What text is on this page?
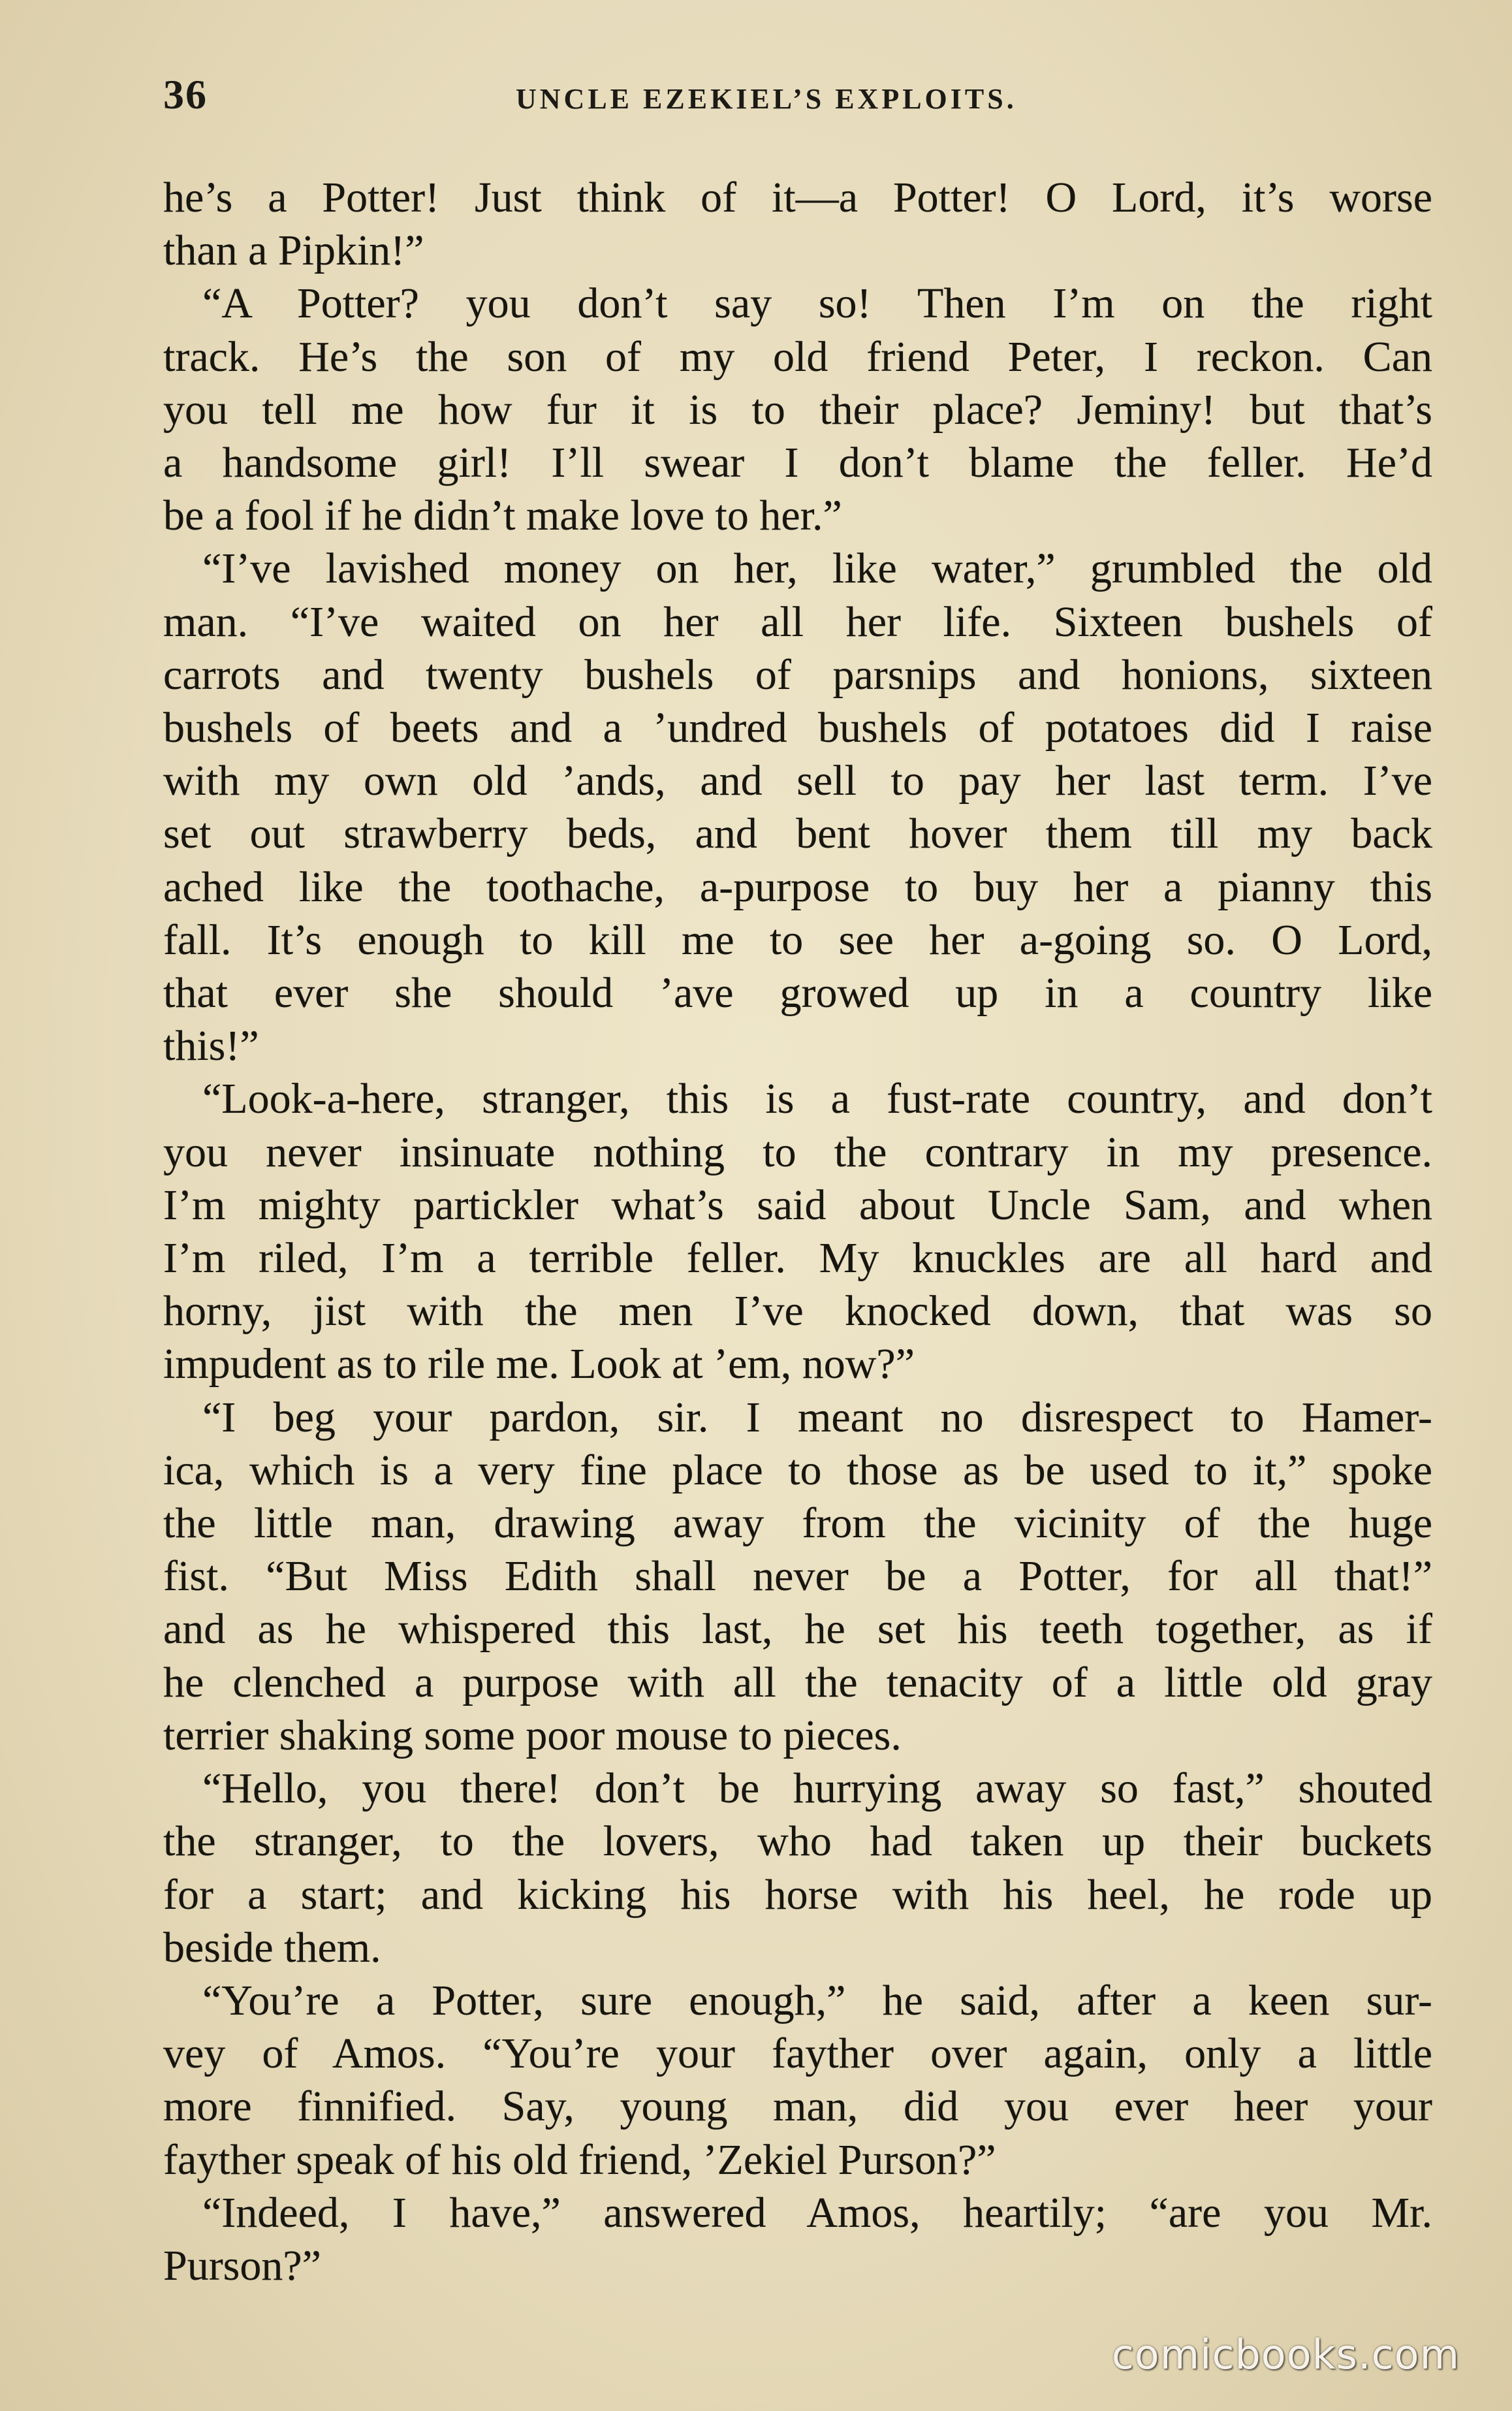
36	UNCLE EZEKIEL’S EXPLOITS.
he’s a Potter! Just think of it—a Potter! O Lord, it’s worse
than a Pipkin!”
“A Potter? you don’t say so! Then I’m on the right
track. He’s the son of my old friend Peter, I reckon. Can
you tell me how fur it is to their place? Jeminy! but that’s
a handsome girl! I’ll swear I don’t blame the feller. He’d
be a fool if he didn’t make love to her.”
“I’ve lavished money on her, like water,” grumbled the old
man. “I’ve waited on her all her life. Sixteen bushels of
carrots and twenty bushels of parsnips and honions, sixteen
bushels of beets and a ’undred bushels of potatoes did I raise
with my own old ’ands, and sell to pay her last term. I’ve
set out strawberry beds, and bent hover them till my back
ached like the toothache, a-purpose to buy her a pianny this
fall. It’s enough to kill me to see her a-going so. O Lord,
that ever she should ’ave growed up in a country like
this!”
“Look-a-here, stranger, this is a fust-rate country, and don’t
you never insinuate nothing to the contrary in my presence.
I’m mighty partickler what’s said about Uncle Sam, and when
I’m riled, I’m a terrible feller. My knuckles are all hard and
horny, jist with the men I’ve knocked down, that was so
impudent as to rile me. Look at ’em, now?”
“I beg your pardon, sir. I meant no disrespect to Hamer-
ica, which is a very fine place to those as be used to it,” spoke
the little man, drawing away from the vicinity of the huge
fist. “But Miss Edith shall never be a Potter, for all that!”
and as he whispered this last, he set his teeth together, as if
he clenched a purpose with all the tenacity of a little old gray
terrier shaking some poor mouse to pieces.
“Hello, you there! don’t be hurrying away so fast,” shouted
the stranger, to the lovers, who had taken up their buckets
for a start; and kicking his horse with his heel, he rode up
beside them.
“You’re a Potter, sure enough,” he said, after a keen sur-
vey of Amos. “You’re your fayther over again, only a little
more finnified. Say, young man, did you ever heer your
fayther speak of his old friend, ’Zekiel Purson?”
“Indeed, I have,” answered Amos, heartily; “are you Mr.
Purson?”
comicbooks.com
